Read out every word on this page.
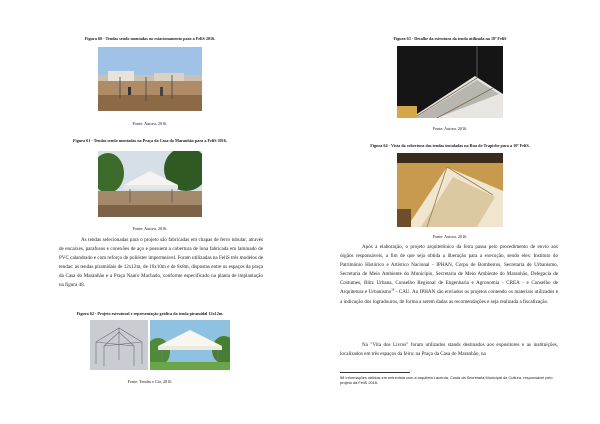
Figura 60 - Tendas sendo montadas no estacionamento para a FeliS 2016.
Fonte: Autora, 2016.
Figura 61 - Tendas sendo montadas na Praça da Casa do Maranhão para a FeliS 2016.
Fonte: Autora, 2016.
As tendas selecionadas para o projeto são fabricadas em chapas de ferro tubular, através de encaixes, parafusos e conexões de aço e possuem a cobertura de lona fabricada em laminado de PVC calandrado e com reforço de poliéster impermeável. Foram utilizadas na FeliS três modelos de tendas: as tendas piramidais de 12x12m, de 10x10m e de 8x8m, dispostas entre os espaços da praça da Casa do Maranhão e a Praça Nauro Machado, conforme especificado na planta de implantação na figura 48.
Figura 62 - Projeto estrutural e representação gráfica da tenda piramidal 12x12m.
Fonte: Tendas e Cia, 2016.
Figura 63 - Detalhe da estrutura da tenda utilizada na 10ª FeliS
Fonte: Autora, 2016.
Figura 64 - Vista da cobertura das tendas instaladas na Rua do Trapiche para a 10ª FeliS.
Fonte: Autora, 2016.
Após a elaboração, o projeto arquitetônico da feira passa pelo procedimento de envio aos órgãos responsáveis, a fim de que seja obtida a liberação para a execução, sendo eles: Instituto do Patrimônio Histórico e Artístico Nacional - IPHAN, Corpo de Bombeiros, Secretaria de Urbanismo, Secretaria de Meio Ambiente do Município, Secretaria de Meio Ambiente do Maranhão, Delegacia de Costumes, Blitz Urbana, Conselho Regional de Engenharia e Agronomia - CREA - e Conselho de Arquitetura e Urbanismo$^{58}$ - CAU. Ao IPHAN são enviados os projetos contendo os materiais utilizados e a indicação dos logradouros, de forma a serem dadas as recomendações e seja realizada a fiscalização.
Na "Vila dos Livros" foram utilizados stands destinados aos expositores e as instituições, localizados em três espaços da feira: na Praça da Casa do Maranhão, na
58 Informações obtidas em entrevista com a arquiteta Lacerda, Costa da Secretaria Municipal de Cultura, responsável pelo projeto da FeliS 2016.
